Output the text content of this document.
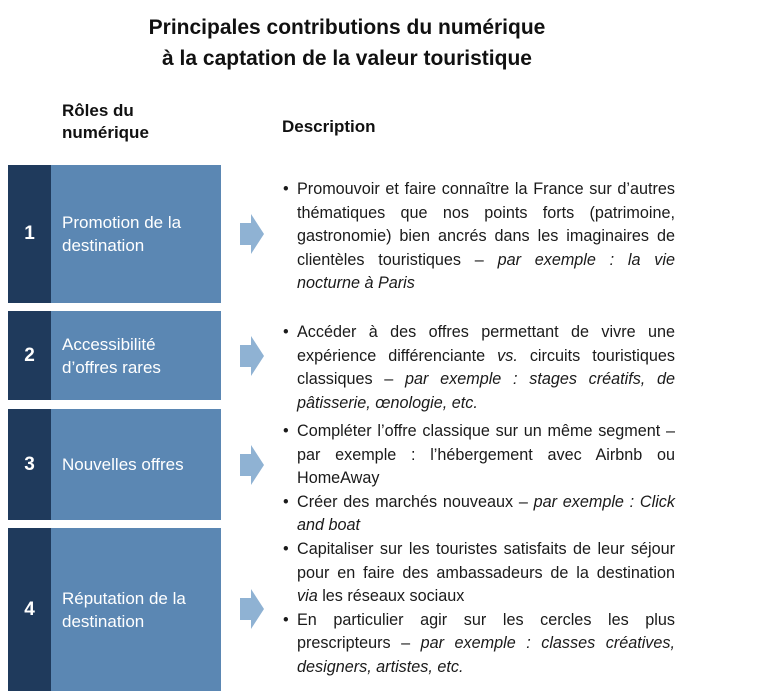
Principales contributions du numérique
à la captation de la valeur touristique
Rôles du
numérique	Description
1
Promotion de la
destination
• Promouvoir et faire connaître la France sur d’autres thématiques que nos points forts (patrimoine, gastronomie) bien ancrés dans les imaginaires de clientèles touristiques – par exemple : la vie nocturne à Paris
2
Accessibilité
d’offres rares
• Accéder à des offres permettant de vivre une expérience différenciante vs. circuits touristiques classiques – par exemple : stages créatifs, de pâtisserie, œnologie, etc.
3 Nouvelles offres
• Compléter l’offre classique sur un même segment – par exemple : l’hébergement avec Airbnb ou HomeAway
• Créer des marchés nouveaux – par exemple : Click and boat
4
Réputation de la
destination
• Capitaliser sur les touristes satisfaits de leur séjour pour en faire des ambassadeurs de la destination via les réseaux sociaux
• En particulier agir sur les cercles les plus prescripteurs – par exemple : classes créatives, designers, artistes, etc.
